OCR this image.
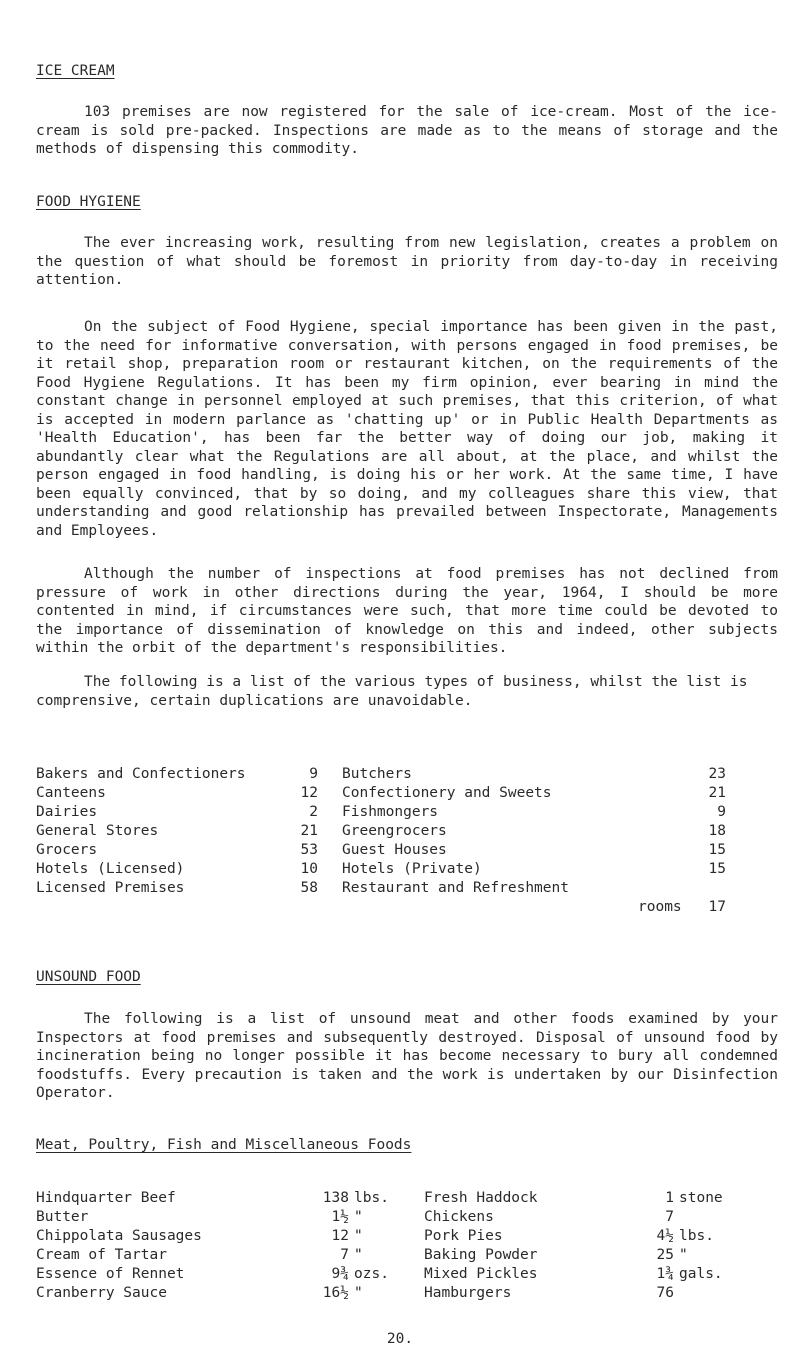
ICE CREAM

103 premises are now registered for the sale of ice-cream. Most of the ice-cream is sold pre-packed. Inspections are made as to the means of storage and the methods of dispensing this commodity.

FOOD HYGIENE

The ever increasing work, resulting from new legislation, creates a problem on the question of what should be foremost in priority from day-to-day in receiving attention.

On the subject of Food Hygiene, special importance has been given in the past, to the need for informative conversation, with persons engaged in food premises, be it retail shop, preparation room or restaurant kitchen, on the requirements of the Food Hygiene Regulations. It has been my firm opinion, ever bearing in mind the constant change in personnel employed at such premises, that this criterion, of what is accepted in modern parlance as 'chatting up' or in Public Health Departments as 'Health Education', has been far the better way of doing our job, making it abundantly clear what the Regulations are all about, at the place, and whilst the person engaged in food handling, is doing his or her work. At the same time, I have been equally convinced, that by so doing, and my colleagues share this view, that understanding and good relationship has prevailed between Inspectorate, Managements and Employees.

Although the number of inspections at food premises has not declined from pressure of work in other directions during the year, 1964, I should be more contented in mind, if circumstances were such, that more time could be devoted to the importance of dissemination of knowledge on this and indeed, other subjects within the orbit of the department's responsibilities.

The following is a list of the various types of business, whilst the list is comprensive, certain duplications are unavoidable.

Bakers and Confectioners	9 Butchers	23
Canteens	12 Confectionery and Sweets	21
Dairies	2 Fishmongers	9
General Stores	21 Greengrocers	18
Grocers	53 Guest Houses	15
Hotels (Licensed)	10 Hotels (Private)	15
Licensed Premises	58 Restaurant and Refreshment
rooms	17
UNSOUND FOOD

The following is a list of unsound meat and other foods examined by your Inspectors at food premises and subsequently destroyed. Disposal of unsound food by incineration being no longer possible it has become necessary to bury all condemned foodstuffs. Every precaution is taken and the work is undertaken by our Disinfection Operator.

Meat, Poultry, Fish and Miscellaneous Foods
Hindquarter Beef	138 lbs. Fresh Haddock	1 stone
Butter	1½ "	Chickens	7
Chippolata Sausages	12 "	Pork Pies	4½ lbs.
Cream of Tartar	7 "	Baking Powder	25 "
Essence of Rennet	9¾ ozs. Mixed Pickles	1¾ gals.
Cranberry Sauce	16½ "	Hamburgers	76
20.
